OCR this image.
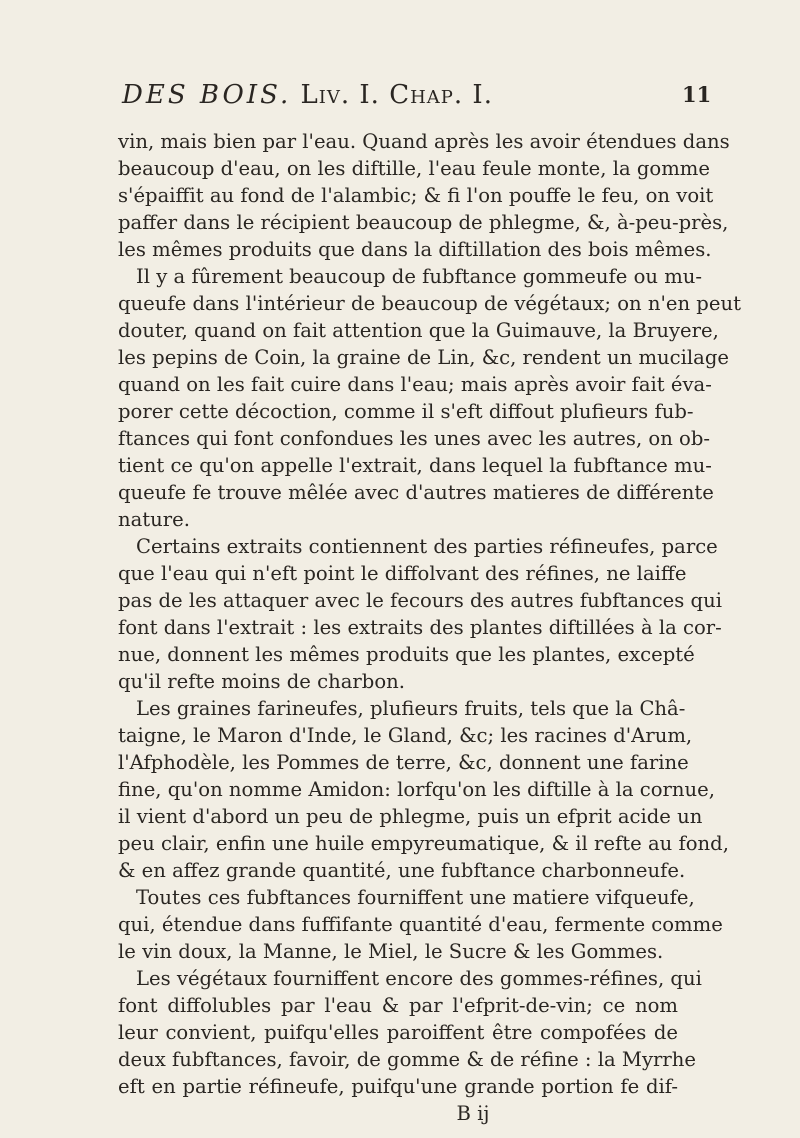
DES BOIS. Liv. I. Chap. I.	11
vin, mais bien par l'eau. Quand après les avoir étendues dans
beaucoup d'eau, on les diftille, l'eau feule monte, la gomme
s'épaiffit au fond de l'alambic; & fi l'on pouffe le feu, on voit
paffer dans le récipient beaucoup de phlegme, &, à-peu-près,
les mêmes produits que dans la diftillation des bois mêmes.
Il y a fûrement beaucoup de fubftance gommeufe ou mu-
queufe dans l'intérieur de beaucoup de végétaux; on n'en peut
douter, quand on fait attention que la Guimauve, la Bruyere,
les pepins de Coin, la graine de Lin, &c, rendent un mucilage
quand on les fait cuire dans l'eau; mais après avoir fait éva-
porer cette décoction, comme il s'eft diffout plufieurs fub-
ftances qui font confondues les unes avec les autres, on ob-
tient ce qu'on appelle l'extrait, dans lequel la fubftance mu-
queufe fe trouve mêlée avec d'autres matieres de différente
nature.
Certains extraits contiennent des parties réfineufes, parce
que l'eau qui n'eft point le diffolvant des réfines, ne laiffe
pas de les attaquer avec le fecours des autres fubftances qui
font dans l'extrait : les extraits des plantes diftillées à la cor-
nue, donnent les mêmes produits que les plantes, excepté
qu'il refte moins de charbon.
Les graines farineufes, plufieurs fruits, tels que la Châ-
taigne, le Maron d'Inde, le Gland, &c; les racines d'Arum,
l'Afphodèle, les Pommes de terre, &c, donnent une farine
fine, qu'on nomme Amidon: lorfqu'on les diftille à la cornue,
il vient d'abord un peu de phlegme, puis un efprit acide un
peu clair, enfin une huile empyreumatique, & il refte au fond,
& en affez grande quantité, une fubftance charbonneufe.
Toutes ces fubftances fourniffent une matiere vifqueufe,
qui, étendue dans fuffifante quantité d'eau, fermente comme
le vin doux, la Manne, le Miel, le Sucre & les Gommes.
Les végétaux fourniffent encore des gommes-réfines, qui
font diffolubles par l'eau & par l'efprit-de-vin; ce nom
leur convient, puifqu'elles paroiffent être compofées de
deux fubftances, favoir, de gomme & de réfine : la Myrrhe
eft en partie réfineufe, puifqu'une grande portion fe dif-
B ij
